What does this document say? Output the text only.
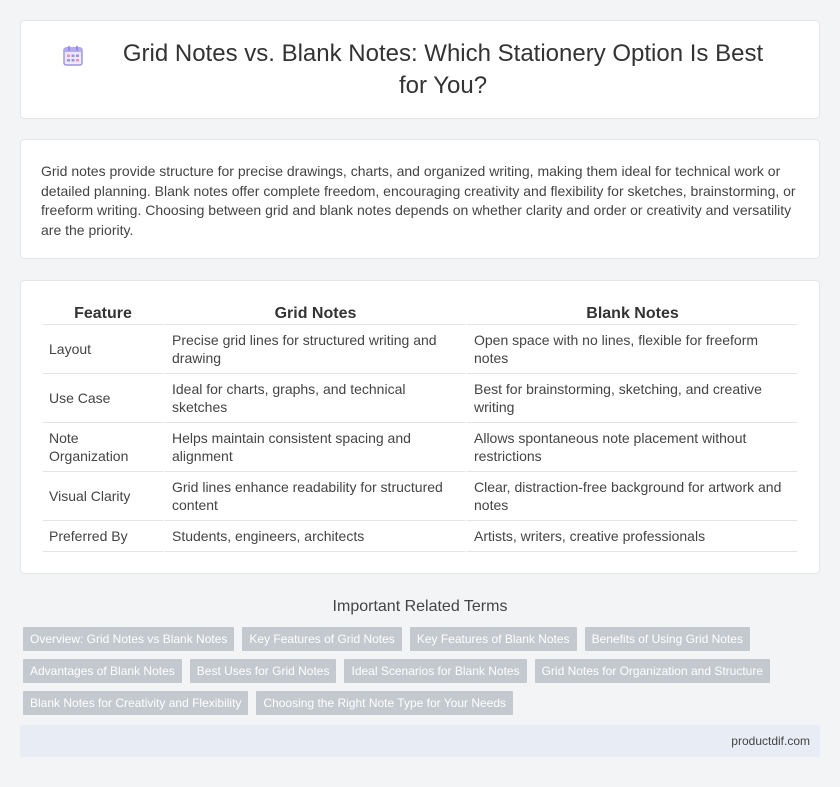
Grid Notes vs. Blank Notes: Which Stationery Option Is Best for You?

Grid notes provide structure for precise drawings, charts, and organized writing, making them ideal for technical work or detailed planning. Blank notes offer complete freedom, encouraging creativity and flexibility for sketches, brainstorming, or freeform writing. Choosing between grid and blank notes depends on whether clarity and order or creativity and versatility are the priority.

Feature	Grid Notes	Blank Notes
Layout	Precise grid lines for structured writing and drawing	Open space with no lines, flexible for freeform notes
Use Case	Ideal for charts, graphs, and technical sketches	Best for brainstorming, sketching, and creative writing
Note Organization	Helps maintain consistent spacing and alignment	Allows spontaneous note placement without restrictions
Visual Clarity	Grid lines enhance readability for structured content	Clear, distraction-free background for artwork and notes
Preferred By	Students, engineers, architects	Artists, writers, creative professionals
Important Related Terms
Overview: Grid Notes vs Blank Notes	Key Features of Grid Notes	Key Features of Blank Notes	Benefits of Using Grid Notes
Advantages of Blank Notes	Best Uses for Grid Notes	Ideal Scenarios for Blank Notes	Grid Notes for Organization and Structure
Blank Notes for Creativity and Flexibility	Choosing the Right Note Type for Your Needs
productdif.com
